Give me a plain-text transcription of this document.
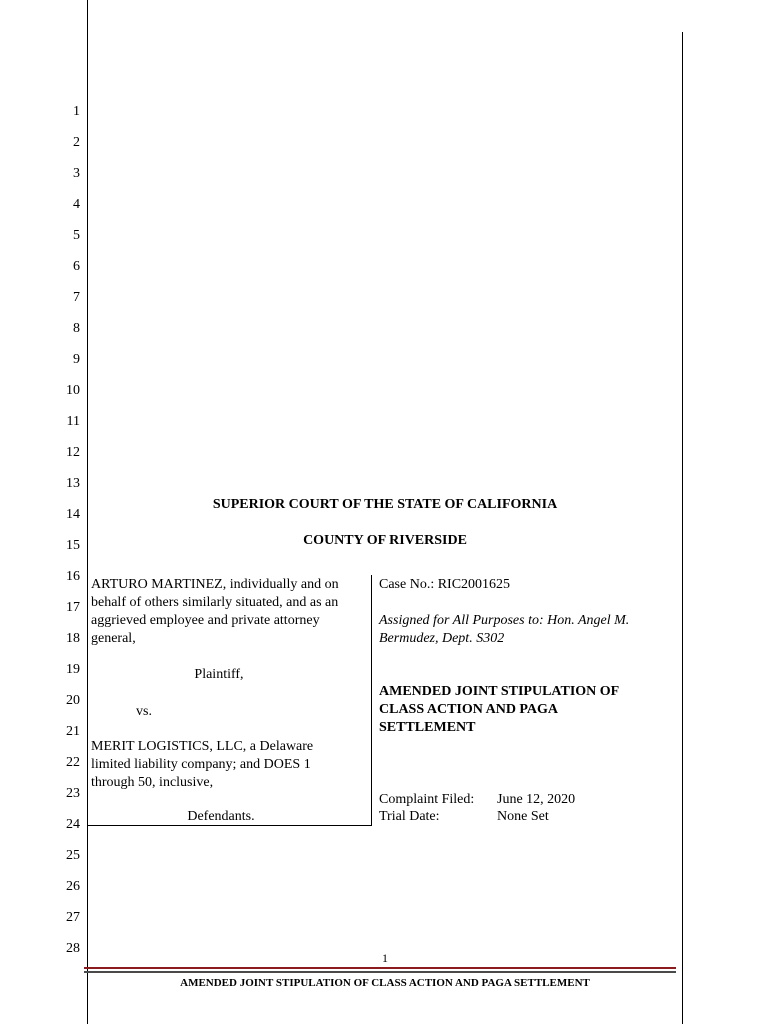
1
2
3
4
5
6
7
8
9
10
11
12
13
14
15
16
17
18
19
20
21
22
23
24
25
26
27
28
SUPERIOR COURT OF THE STATE OF CALIFORNIA
COUNTY OF RIVERSIDE
ARTURO MARTINEZ, individually and on
behalf of others similarly situated, and as an
aggrieved employee and private attorney
general,
Plaintiff,
vs.
MERIT LOGISTICS, LLC, a Delaware
limited liability company; and DOES 1
through 50, inclusive,
Defendants.
Case No.: RIC2001625
Assigned for All Purposes to: Hon. Angel M.
Bermudez, Dept. S302
AMENDED JOINT STIPULATION OF
CLASS ACTION AND PAGA
SETTLEMENT
Complaint Filed: June 12, 2020
Trial Date:	None Set
1
AMENDED JOINT STIPULATION OF CLASS ACTION AND PAGA SETTLEMENT
